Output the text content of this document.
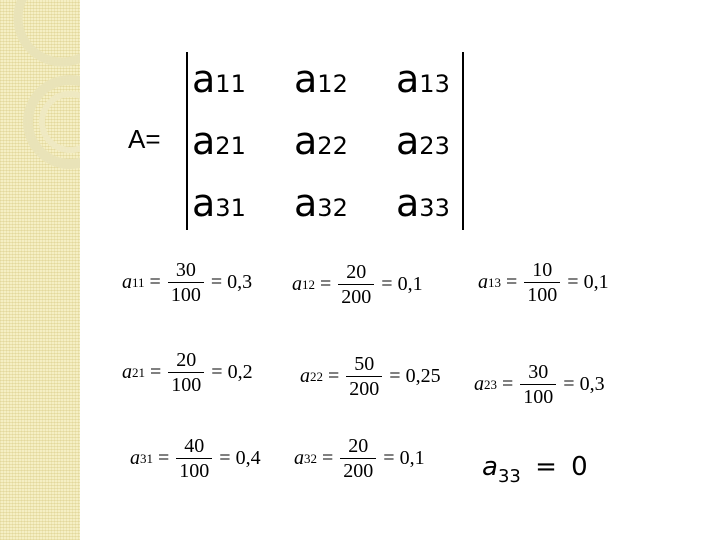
A=
a11 a12 a13
a21 a22 a23
a31 a32 a33
a $11 = \frac{30}{100} = 0,3$ a $12 = \frac{20}{200} = 0,1$	a $13 = \frac{10}{100} = 0,1$
a $21 = \frac{20}{100} = 0,2$ a $22 = \frac{50}{200} = 0,25$ a $23 = \frac{30}{100} = 0,3$
a $31 = \frac{40}{100} = 0,4$ a $32 = \frac{20}{200} = 0,1$ $a_{33} = 0$
